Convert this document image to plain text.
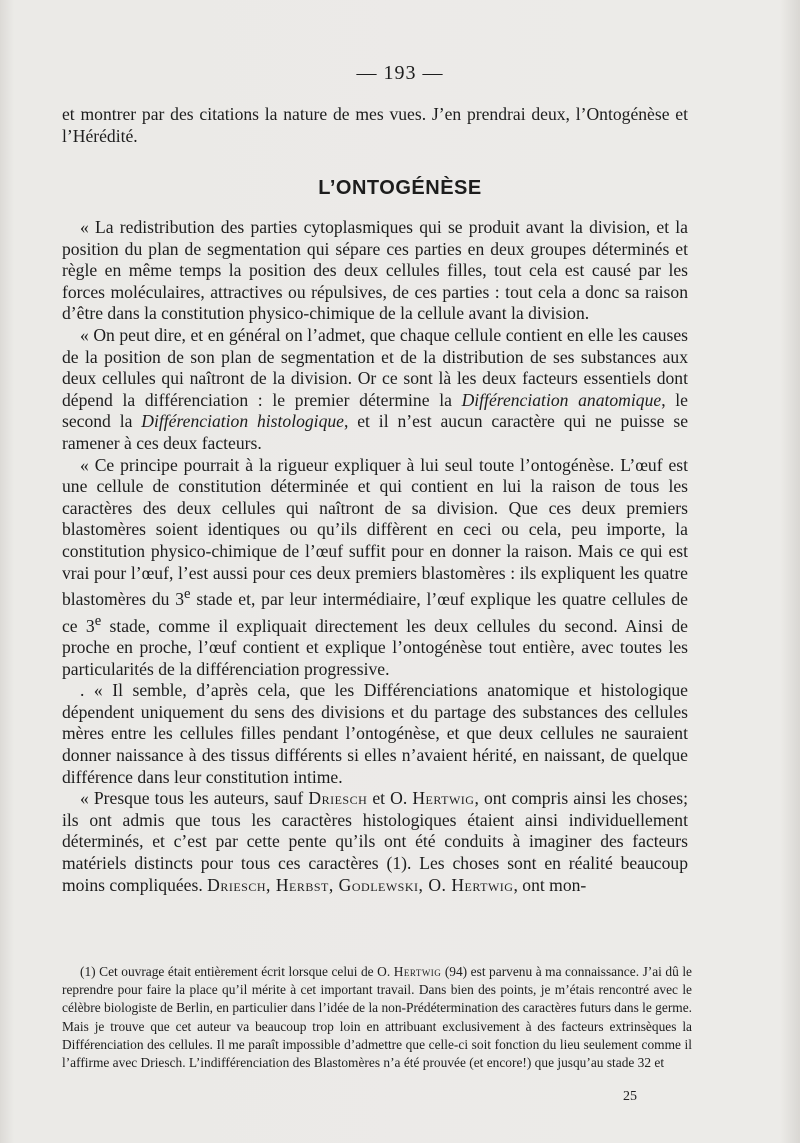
— 193 —
et montrer par des citations la nature de mes vues. J’en prendrai deux, l’Ontogénèse et l’Hérédité.
L’ONTOGÉNÈSE

« La redistribution des parties cytoplasmiques qui se produit avant la division, et la position du plan de segmentation qui sépare ces parties en deux groupes déterminés et règle en même temps la position des deux cellules filles, tout cela est causé par les forces moléculaires, attractives ou répulsives, de ces parties : tout cela a donc sa raison d’être dans la constitution physico-chimique de la cellule avant la division.

« On peut dire, et en général on l’admet, que chaque cellule contient en elle les causes de la position de son plan de segmentation et de la distribution de ses substances aux deux cellules qui naîtront de la division. Or ce sont là les deux facteurs essentiels dont dépend la différenciation : le premier détermine la Différenciation anatomique, le second la Différenciation histologique, et il n’est aucun caractère qui ne puisse se ramener à ces deux facteurs.

« Ce principe pourrait à la rigueur expliquer à lui seul toute l’ontogénèse. L’œuf est une cellule de constitution déterminée et qui contient en lui la raison de tous les caractères des deux cellules qui naîtront de sa division. Que ces deux premiers blastomères soient identiques ou qu’ils diffèrent en ceci ou cela, peu importe, la constitution physico-chimique de l’œuf suffit pour en donner la raison. Mais ce qui est vrai pour l’œuf, l’est aussi pour ces deux premiers blastomères : ils expliquent les quatre blastomères du 3e stade et, par leur intermédiaire, l’œuf explique les quatre cellules de ce 3e stade, comme il expliquait directement les deux cellules du second. Ainsi de proche en proche, l’œuf contient et explique l’ontogénèse tout entière, avec toutes les particularités de la différenciation progressive.

. « Il semble, d’après cela, que les Différenciations anatomique et histologique dépendent uniquement du sens des divisions et du partage des substances des cellules mères entre les cellules filles pendant l’ontogénèse, et que deux cellules ne sauraient donner naissance à des tissus différents si elles n’avaient hérité, en naissant, de quelque différence dans leur constitution intime.

« Presque tous les auteurs, sauf Driesch et O. Hertwig, ont compris ainsi les choses; ils ont admis que tous les caractères histologiques étaient ainsi individuellement déterminés, et c’est par cette pente qu’ils ont été conduits à imaginer des facteurs matériels distincts pour tous ces caractères (1). Les choses sont en réalité beaucoup moins compliquées. Driesch, Herbst, Godlewski, O. Hertwig, ont mon-

(1) Cet ouvrage était entièrement écrit lorsque celui de O. Hertwig (94) est parvenu à ma connaissance. J’ai dû le reprendre pour faire la place qu’il mérite à cet important travail. Dans bien des points, je m’étais rencontré avec le célèbre biologiste de Berlin, en particulier dans l’idée de la non-Prédétermination des caractères futurs dans le germe. Mais je trouve que cet auteur va beaucoup trop loin en attribuant exclusivement à des facteurs extrinsèques la Différenciation des cellules. Il me paraît impossible d’admettre que celle-ci soit fonction du lieu seulement comme il l’affirme avec Driesch. L’indifférenciation des Blastomères n’a été prouvée (et encore!) que jusqu’au stade 32 et

25
